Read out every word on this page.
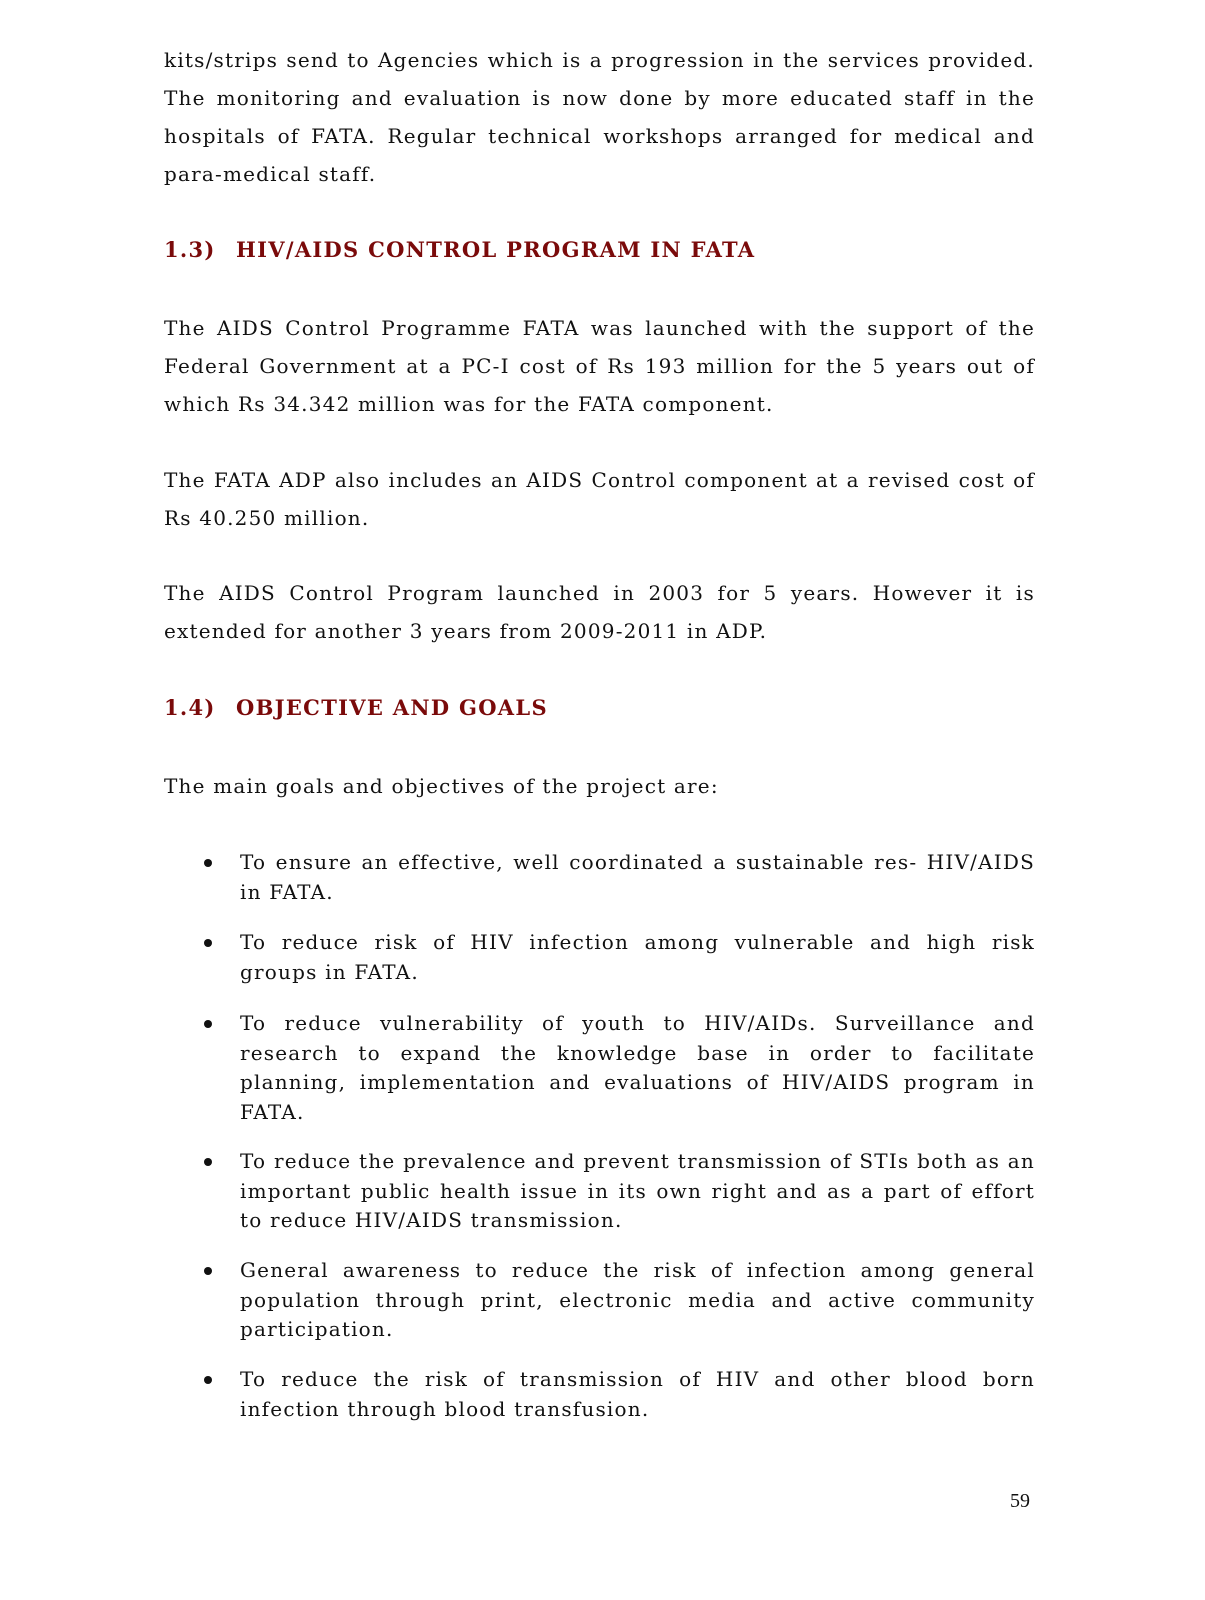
kits/strips send to Agencies which is a progression in the services provided. The monitoring and evaluation is now done by more educated staff in the hospitals of FATA. Regular technical workshops arranged for medical and para-medical staff.
1.3) HIV/AIDS CONTROL PROGRAM IN FATA
The AIDS Control Programme FATA was launched with the support of the Federal Government at a PC-I cost of Rs 193 million for the 5 years out of which Rs 34.342 million was for the FATA component.
The FATA ADP also includes an AIDS Control component at a revised cost of Rs 40.250 million.
The AIDS Control Program launched in 2003 for 5 years. However it is extended for another 3 years from 2009-2011 in ADP.
1.4) OBJECTIVE AND GOALS
The main goals and objectives of the project are:
To ensure an effective, well coordinated a sustainable res- HIV/AIDS in FATA.
To reduce risk of HIV infection among vulnerable and high risk groups in FATA.
To reduce vulnerability of youth to HIV/AIDs. Surveillance and research to expand the knowledge base in order to facilitate planning, implementation and evaluations of HIV/AIDS program in FATA.
To reduce the prevalence and prevent transmission of STIs both as an important public health issue in its own right and as a part of effort to reduce HIV/AIDS transmission.
General awareness to reduce the risk of infection among general population through print, electronic media and active community participation.
To reduce the risk of transmission of HIV and other blood born infection through blood transfusion.
59
